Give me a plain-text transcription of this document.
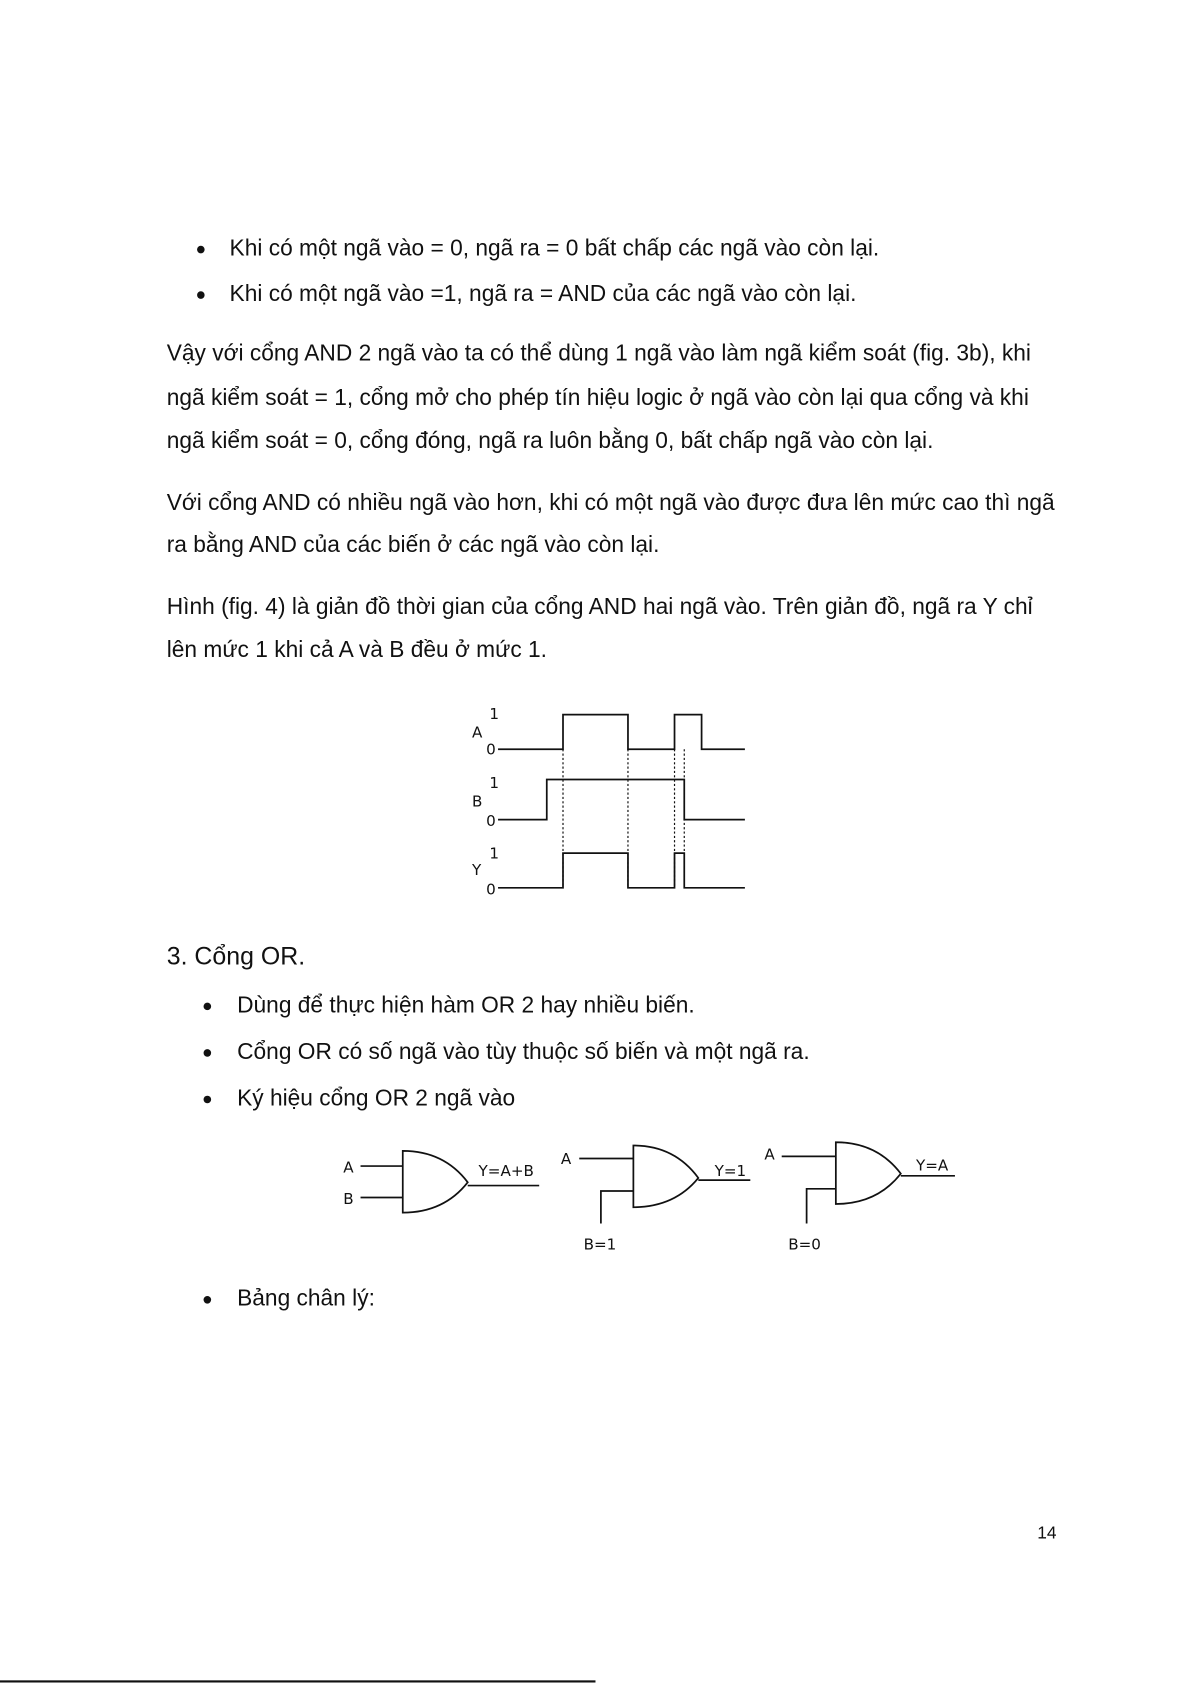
Khi có một ngã vào = 0, ngã ra = 0 bất chấp các ngã vào còn lại.
Khi có một ngã vào =1, ngã ra = AND của các ngã vào còn lại.
Vậy với cổng AND 2 ngã vào ta có thể dùng 1 ngã vào làm ngã kiểm soát (fig. 3b), khi
ngã kiểm soát = 1, cổng mở cho phép tín hiệu logic ở ngã vào còn lại qua cổng và khi
ngã kiểm soát = 0, cổng đóng, ngã ra luôn bằng 0, bất chấp ngã vào còn lại.
Với cổng AND có nhiều ngã vào hơn, khi có một ngã vào được đưa lên mức cao thì ngã
ra bằng AND của các biến ở các ngã vào còn lại.
Hình (fig. 4) là giản đồ thời gian của cổng AND hai ngã vào. Trên giản đồ, ngã ra Y chỉ
lên mức 1 khi cả A và B đều ở mức 1.
A
1
0
B
1
0
Y
1
0
A
B
Y=A+B
A
B=1
Y=1
A
B=0
Y=A
3. Cổng OR.
Dùng để thực hiện hàm OR 2 hay nhiều biến.
Cổng OR có số ngã vào tùy thuộc số biến và một ngã ra.
Ký hiệu cổng OR 2 ngã vào
Bảng chân lý:
14
